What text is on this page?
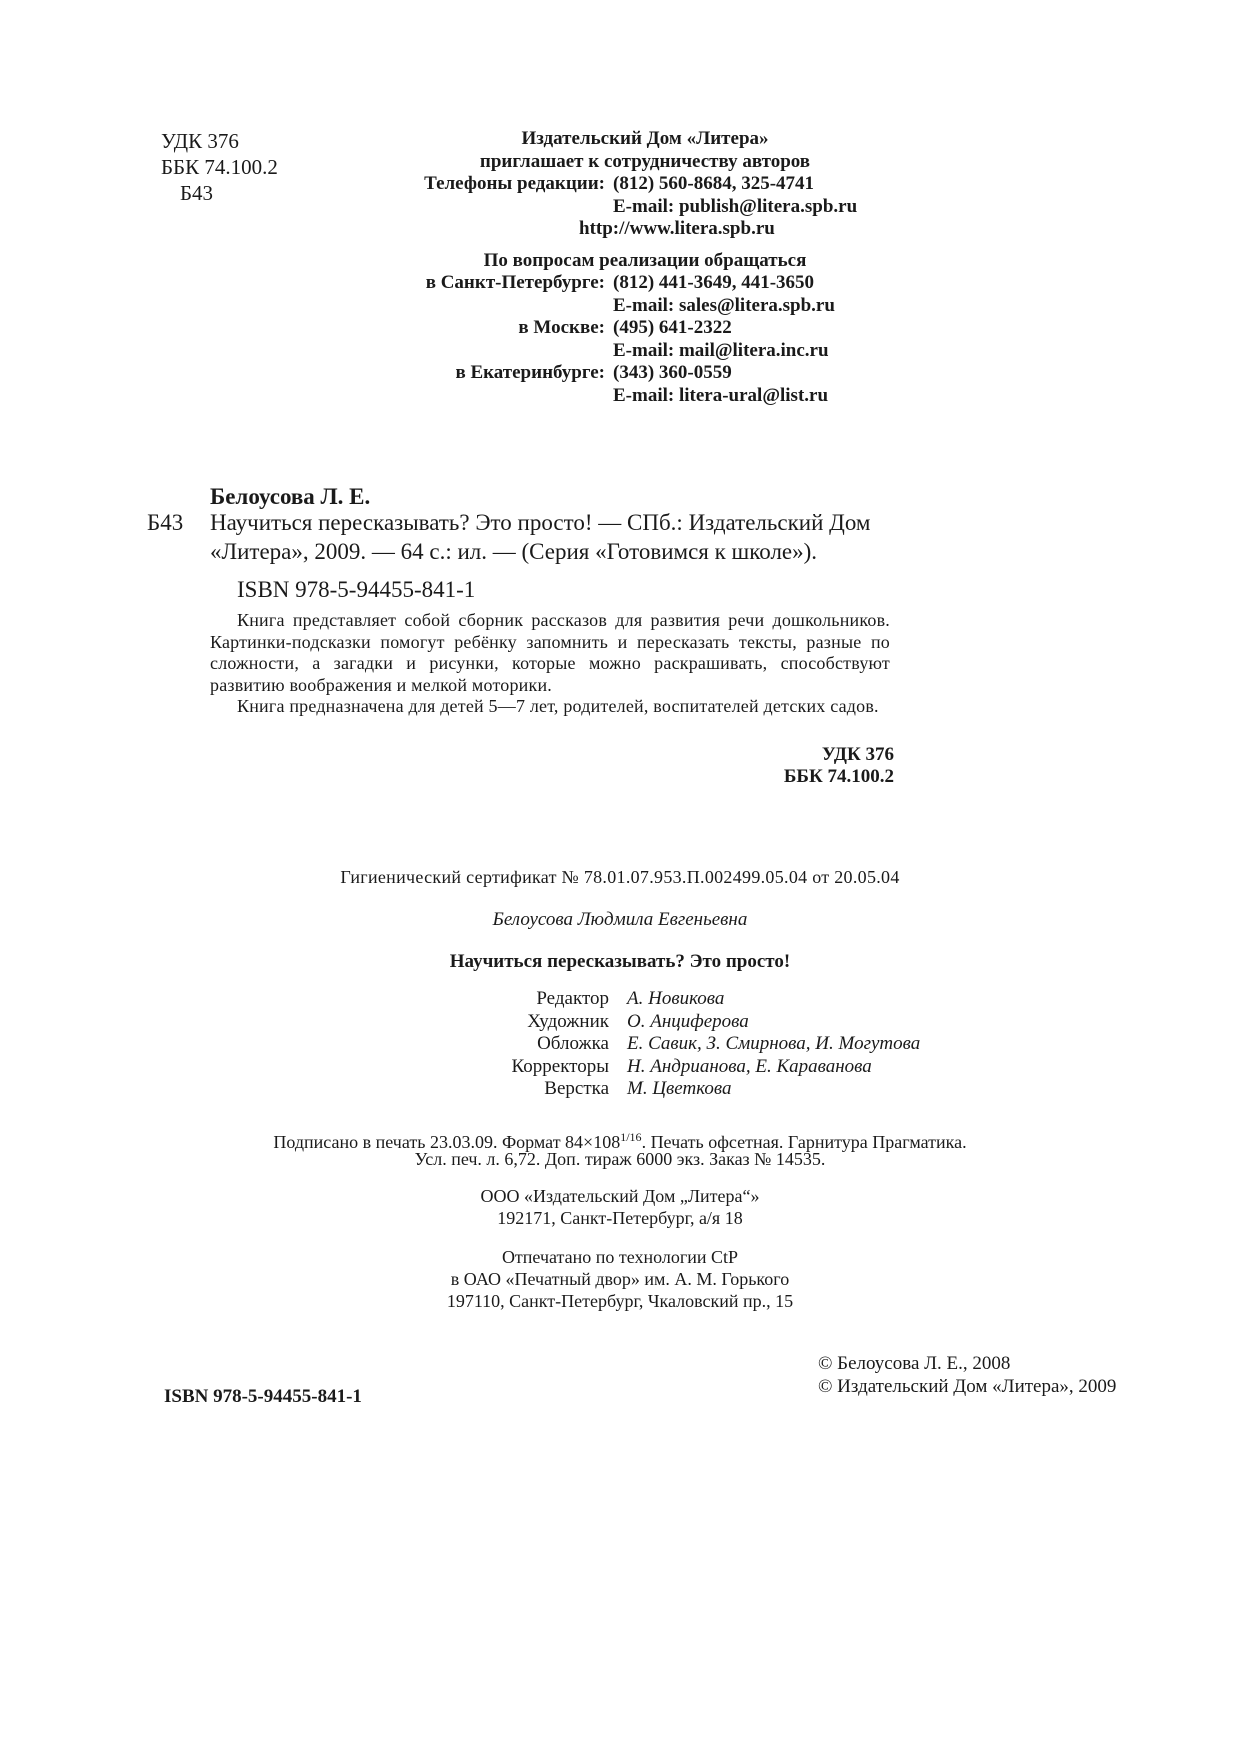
УДК 376
ББК 74.100.2
Б43
Издательский Дом «Литера»
приглашает к сотрудничеству авторов
Телефоны редакции: (812) 560-8684, 325-4741
E-mail: publish@litera.spb.ru
http://www.litera.spb.ru
По вопросам реализации обращаться
в Санкт-Петербурге: (812) 441-3649, 441-3650
E-mail: sales@litera.spb.ru
в Москве: (495) 641-2322
E-mail: mail@litera.inc.ru
в Екатеринбурге: (343) 360-0559
E-mail: litera-ural@list.ru
Белоусова Л. Е.
Б43 Научиться пересказывать? Это просто! — СПб.: Издательский Дом
«Литера», 2009. — 64 с.: ил. — (Серия «Готовимся к школе»).
ISBN 978-5-94455-841-1
Книга представляет собой сборник рассказов для развития речи дошкольников. Картинки-подсказки помогут ребёнку запомнить и пересказать тексты, разные по сложности, а загадки и рисунки, которые можно раскрашивать, способствуют развитию воображения и мелкой моторики.
Книга предназначена для детей 5—7 лет, родителей, воспитателей детских садов.
УДК 376
ББК 74.100.2
Гигиенический сертификат № 78.01.07.953.П.002499.05.04 от 20.05.04
Белоусова Людмила Евгеньевна
Научиться пересказывать? Это просто!
Редактор А. Новикова
Художник О. Анциферова
Обложка Е. Савик, З. Смирнова, И. Могутова
Корректоры Н. Андрианова, Е. Караванова
Верстка М. Цветкова
Подписано в печать 23.03.09. Формат $84\times 108^{1/16}$. Печать офсетная. Гарнитура Прагматика.
Усл. печ. л. 6,72. Доп. тираж 6000 экз. Заказ № 14535.
ООО «Издательский Дом „Литера“»
192171, Санкт-Петербург, а/я 18
Отпечатано по технологии CtP
в ОАО «Печатный двор» им. А. М. Горького
197110, Санкт-Петербург, Чкаловский пр., 15
ISBN 978-5-94455-841-1
© Белоусова Л. Е., 2008
© Издательский Дом «Литера», 2009
